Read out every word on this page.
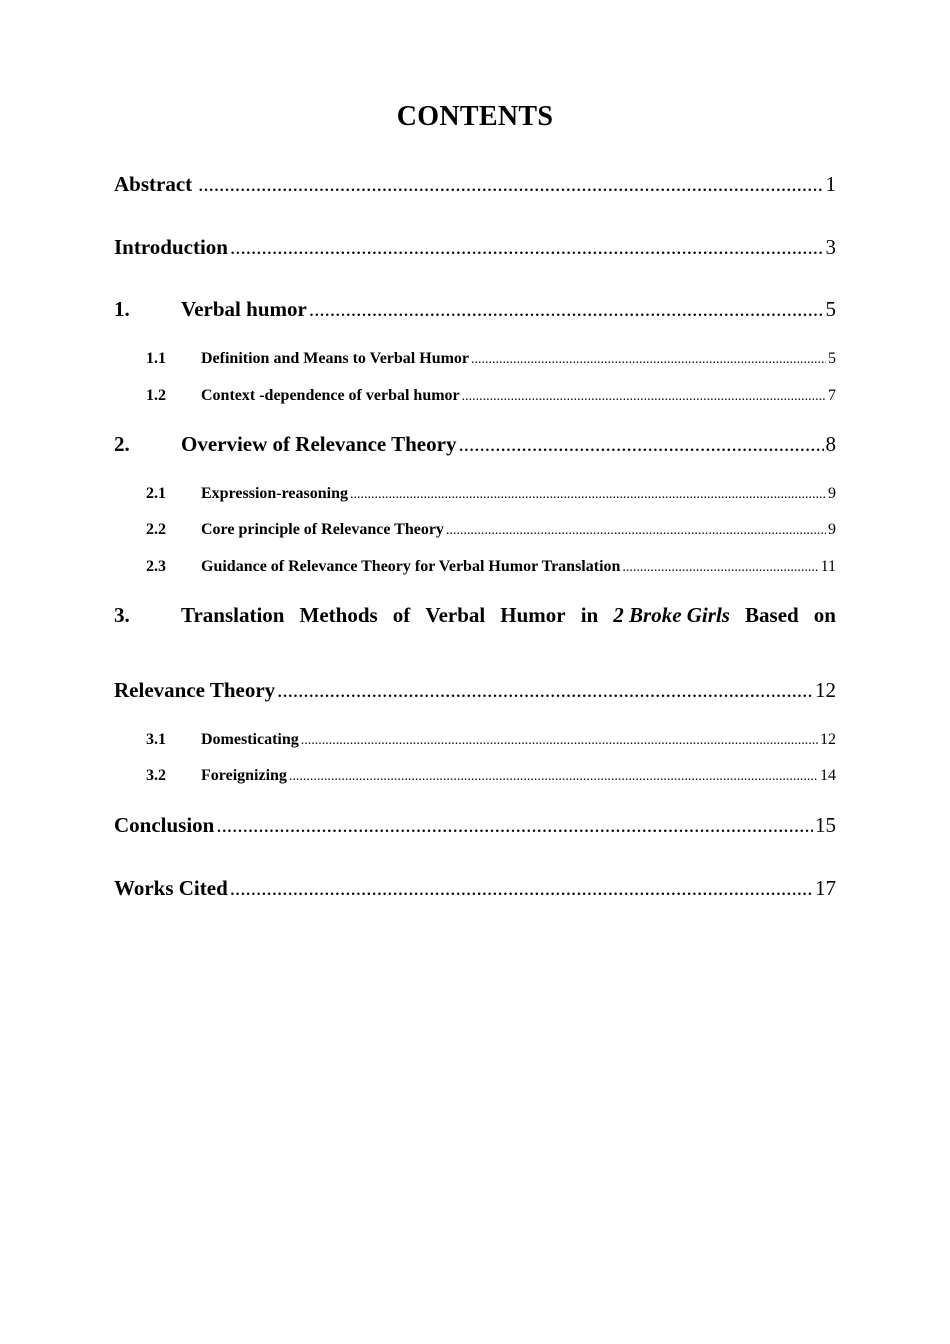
CONTENTS
Abstract .....	1
Introduction .....	3
1.	Verbal humor .....	5
1.1	Definition and Means to Verbal Humor .....	5
1.2	Context -dependence of verbal humor .....	7
2.	Overview of Relevance Theory .....	8
2.1	Expression-reasoning .....	9
2.2	Core principle of Relevance Theory .....	9
2.3	Guidance of Relevance Theory for Verbal Humor Translation .....	11
3.	Translation Methods of Verbal Humor in 2 Broke Girls Based on
Relevance Theory .....	12
3.1	Domesticating .....	12
3.2	Foreignizing .....	14
Conclusion .....	15
Works Cited .....	17
